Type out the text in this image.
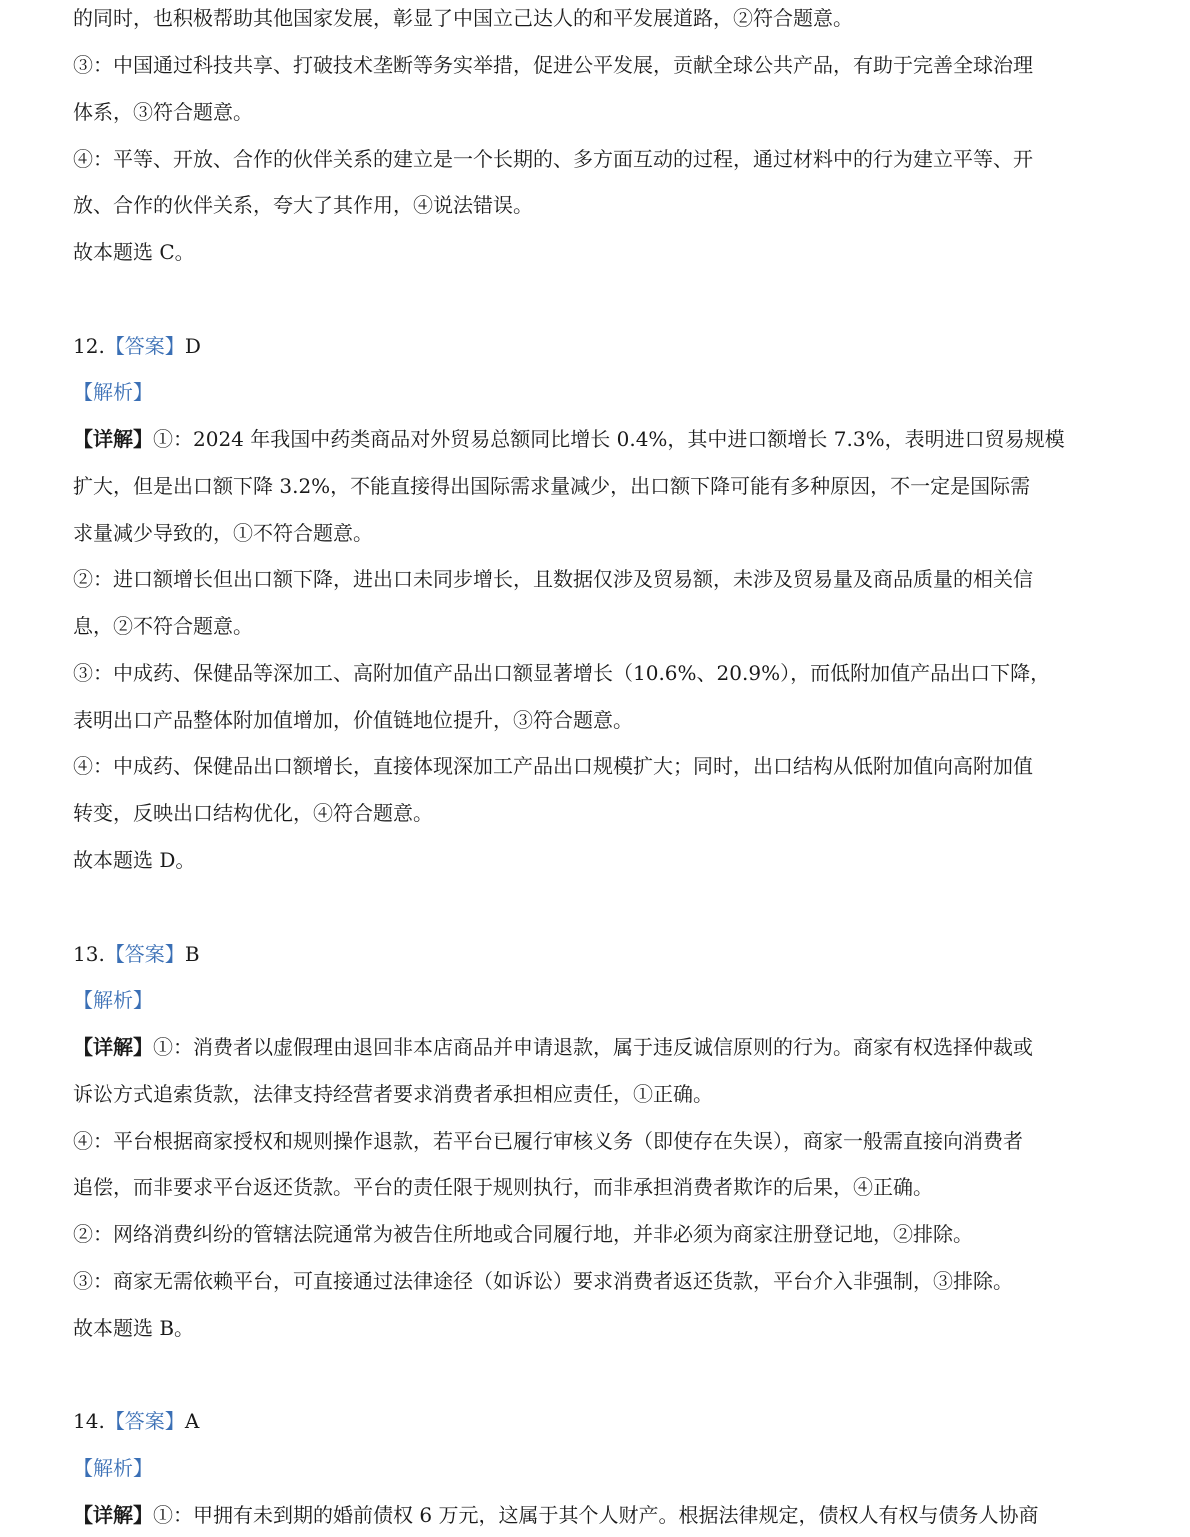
的同时，也积极帮助其他国家发展，彰显了中国立己达人的和平发展道路，②符合题意。
③：中国通过科技共享、打破技术垄断等务实举措，促进公平发展，贡献全球公共产品，有助于完善全球治理
体系，③符合题意。
④：平等、开放、合作的伙伴关系的建立是一个长期的、多方面互动的过程，通过材料中的行为建立平等、开
放、合作的伙伴关系，夸大了其作用，④说法错误。
故本题选 C。
12.【答案】D
【解析】
【详解】①：2024 年我国中药类商品对外贸易总额同比增长 0.4%，其中进口额增长 7.3%，表明进口贸易规模
扩大，但是出口额下降 3.2%，不能直接得出国际需求量减少，出口额下降可能有多种原因，不一定是国际需
求量减少导致的，①不符合题意。
②：进口额增长但出口额下降，进出口未同步增长，且数据仅涉及贸易额，未涉及贸易量及商品质量的相关信
息，②不符合题意。
③：中成药、保健品等深加工、高附加值产品出口额显著增长（10.6%、20.9%），而低附加值产品出口下降，
表明出口产品整体附加值增加，价值链地位提升，③符合题意。
④：中成药、保健品出口额增长，直接体现深加工产品出口规模扩大；同时，出口结构从低附加值向高附加值
转变，反映出口结构优化，④符合题意。
故本题选 D。
13.【答案】B
【解析】
【详解】①：消费者以虚假理由退回非本店商品并申请退款，属于违反诚信原则的行为。商家有权选择仲裁或
诉讼方式追索货款，法律支持经营者要求消费者承担相应责任，①正确。
④：平台根据商家授权和规则操作退款，若平台已履行审核义务（即使存在失误），商家一般需直接向消费者
追偿，而非要求平台返还货款。平台的责任限于规则执行，而非承担消费者欺诈的后果，④正确。
②：网络消费纠纷的管辖法院通常为被告住所地或合同履行地，并非必须为商家注册登记地，②排除。
③：商家无需依赖平台，可直接通过法律途径（如诉讼）要求消费者返还货款，平台介入非强制，③排除。
故本题选 B。
14.【答案】A
【解析】
【详解】①：甲拥有未到期的婚前债权 6 万元，这属于其个人财产。根据法律规定，债权人有权与债务人协商
